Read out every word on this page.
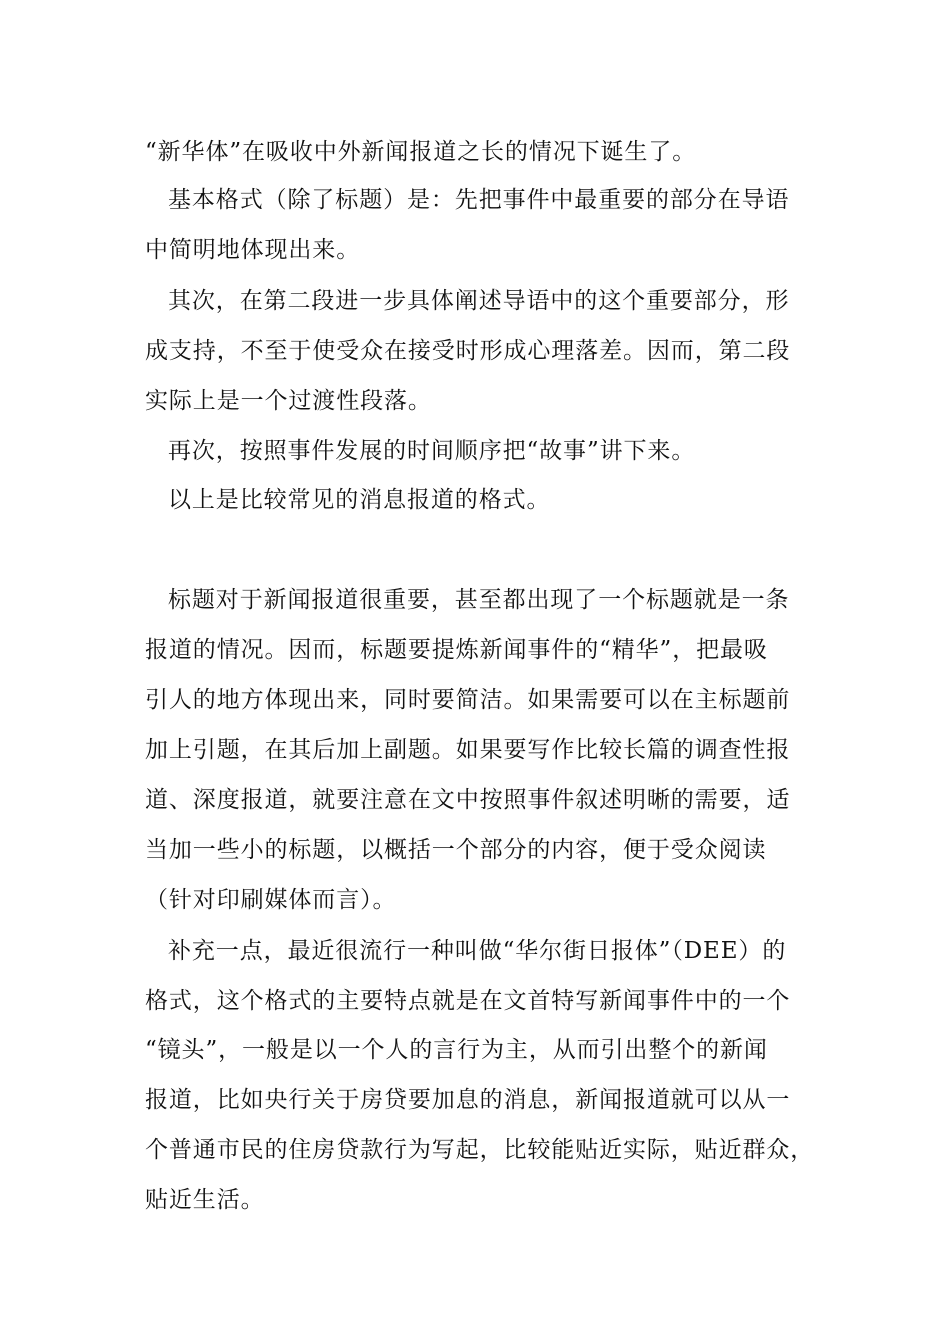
“新华体”在吸收中外新闻报道之长的情况下诞生了。
基本格式（除了标题）是：先把事件中最重要的部分在导语
中简明地体现出来。
其次，在第二段进一步具体阐述导语中的这个重要部分，形
成支持，不至于使受众在接受时形成心理落差。因而，第二段
实际上是一个过渡性段落。
再次，按照事件发展的时间顺序把“故事”讲下来。
以上是比较常见的消息报道的格式。
标题对于新闻报道很重要，甚至都出现了一个标题就是一条
报道的情况。因而，标题要提炼新闻事件的“精华”，把最吸
引人的地方体现出来，同时要简洁。如果需要可以在主标题前
加上引题，在其后加上副题。如果要写作比较长篇的调查性报
道、深度报道，就要注意在文中按照事件叙述明晰的需要，适
当加一些小的标题，以概括一个部分的内容，便于受众阅读
（针对印刷媒体而言）。
补充一点，最近很流行一种叫做“华尔街日报体”（DEE）的
格式，这个格式的主要特点就是在文首特写新闻事件中的一个
“镜头”，一般是以一个人的言行为主，从而引出整个的新闻
报道，比如央行关于房贷要加息的消息，新闻报道就可以从一
个普通市民的住房贷款行为写起，比较能贴近实际，贴近群众，
贴近生活。
